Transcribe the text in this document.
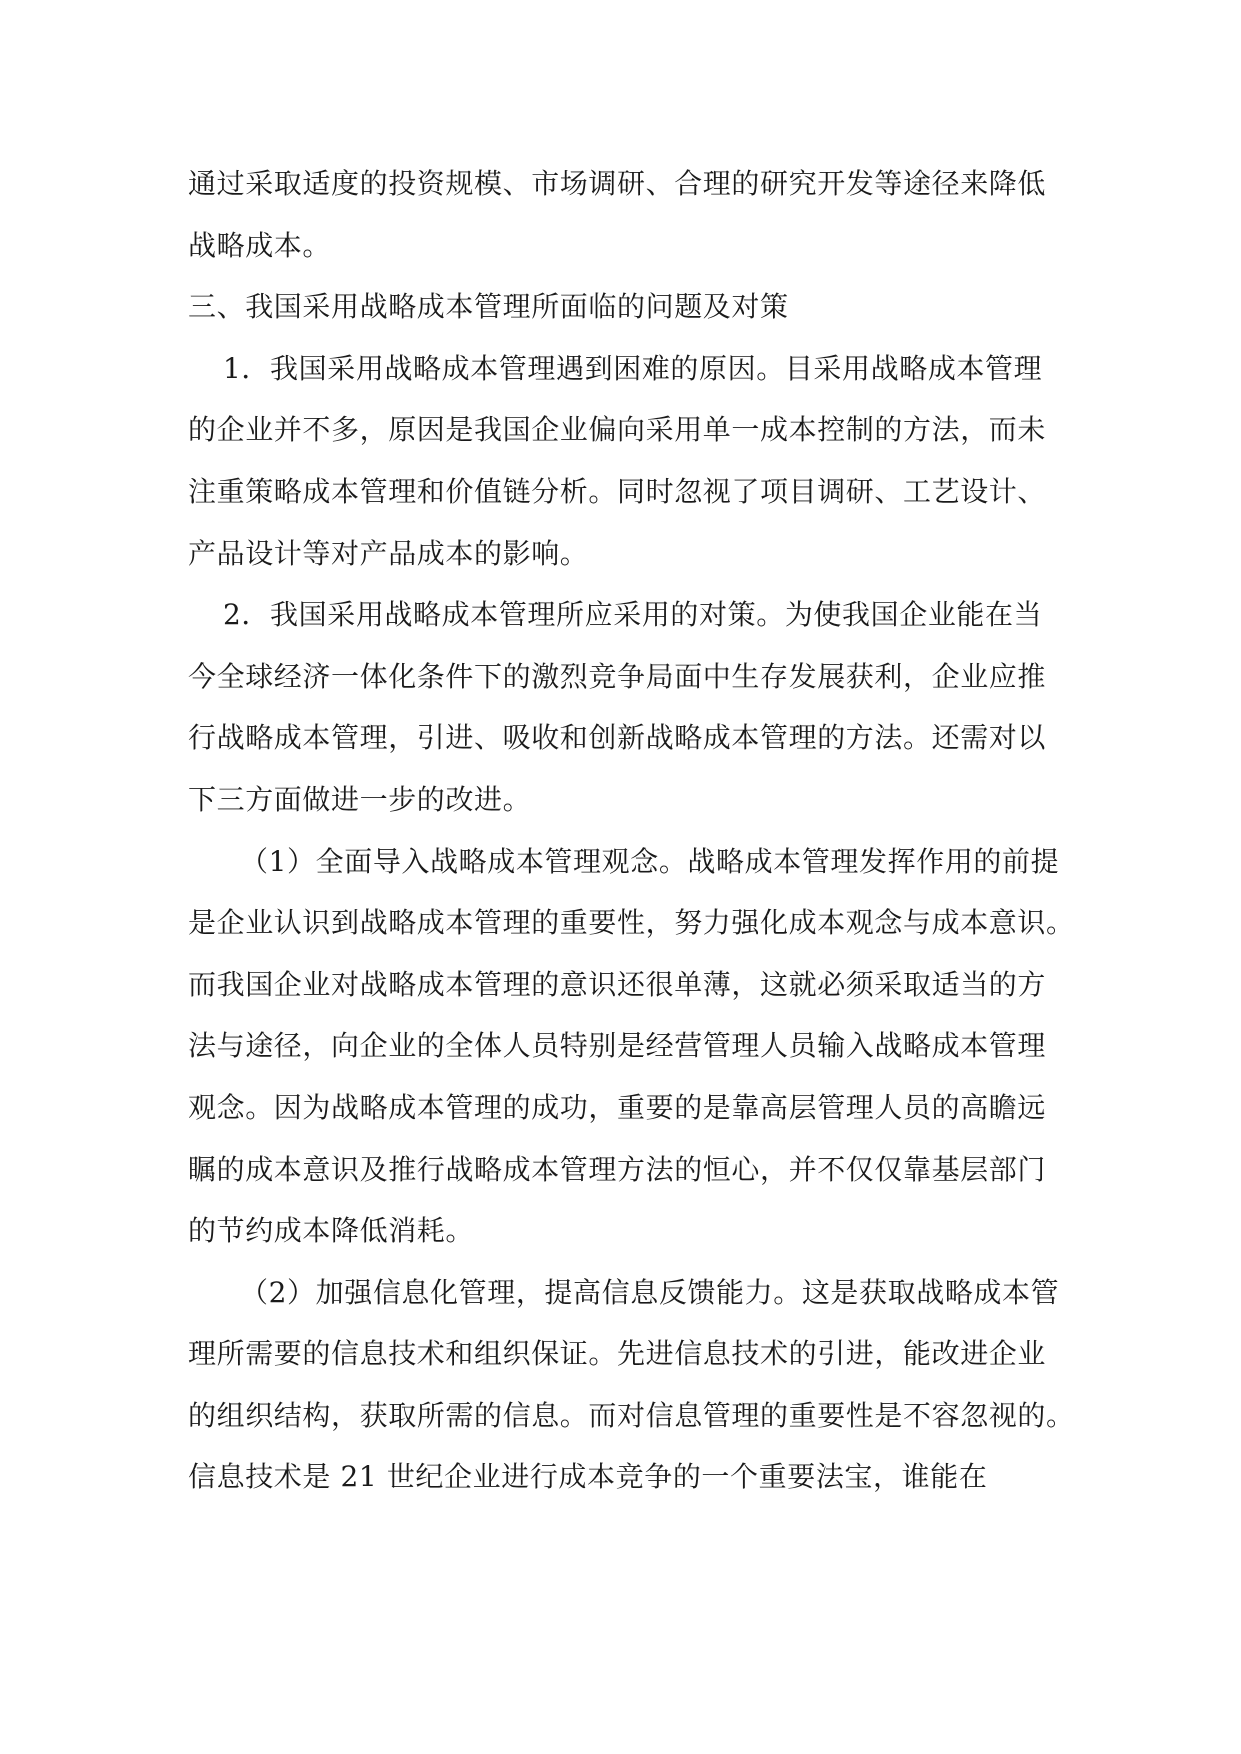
通过采取适度的投资规模、市场调研、合理的研究开发等途径来降低
战略成本。
三、我国采用战略成本管理所面临的问题及对策
1．我国采用战略成本管理遇到困难的原因。目采用战略成本管理
的企业并不多，原因是我国企业偏向采用单一成本控制的方法，而未
注重策略成本管理和价值链分析。同时忽视了项目调研、工艺设计、
产品设计等对产品成本的影响。
2．我国采用战略成本管理所应采用的对策。为使我国企业能在当
今全球经济一体化条件下的激烈竞争局面中生存发展获利，企业应推
行战略成本管理，引进、吸收和创新战略成本管理的方法。还需对以
下三方面做进一步的改进。
（1）全面导入战略成本管理观念。战略成本管理发挥作用的前提
是企业认识到战略成本管理的重要性，努力强化成本观念与成本意识。
而我国企业对战略成本管理的意识还很单薄，这就必须采取适当的方
法与途径，向企业的全体人员特别是经营管理人员输入战略成本管理
观念。因为战略成本管理的成功，重要的是靠高层管理人员的高瞻远
瞩的成本意识及推行战略成本管理方法的恒心，并不仅仅靠基层部门
的节约成本降低消耗。
（2）加强信息化管理，提高信息反馈能力。这是获取战略成本管
理所需要的信息技术和组织保证。先进信息技术的引进，能改进企业
的组织结构，获取所需的信息。而对信息管理的重要性是不容忽视的。
信息技术是 21 世纪企业进行成本竞争的一个重要法宝，谁能在
